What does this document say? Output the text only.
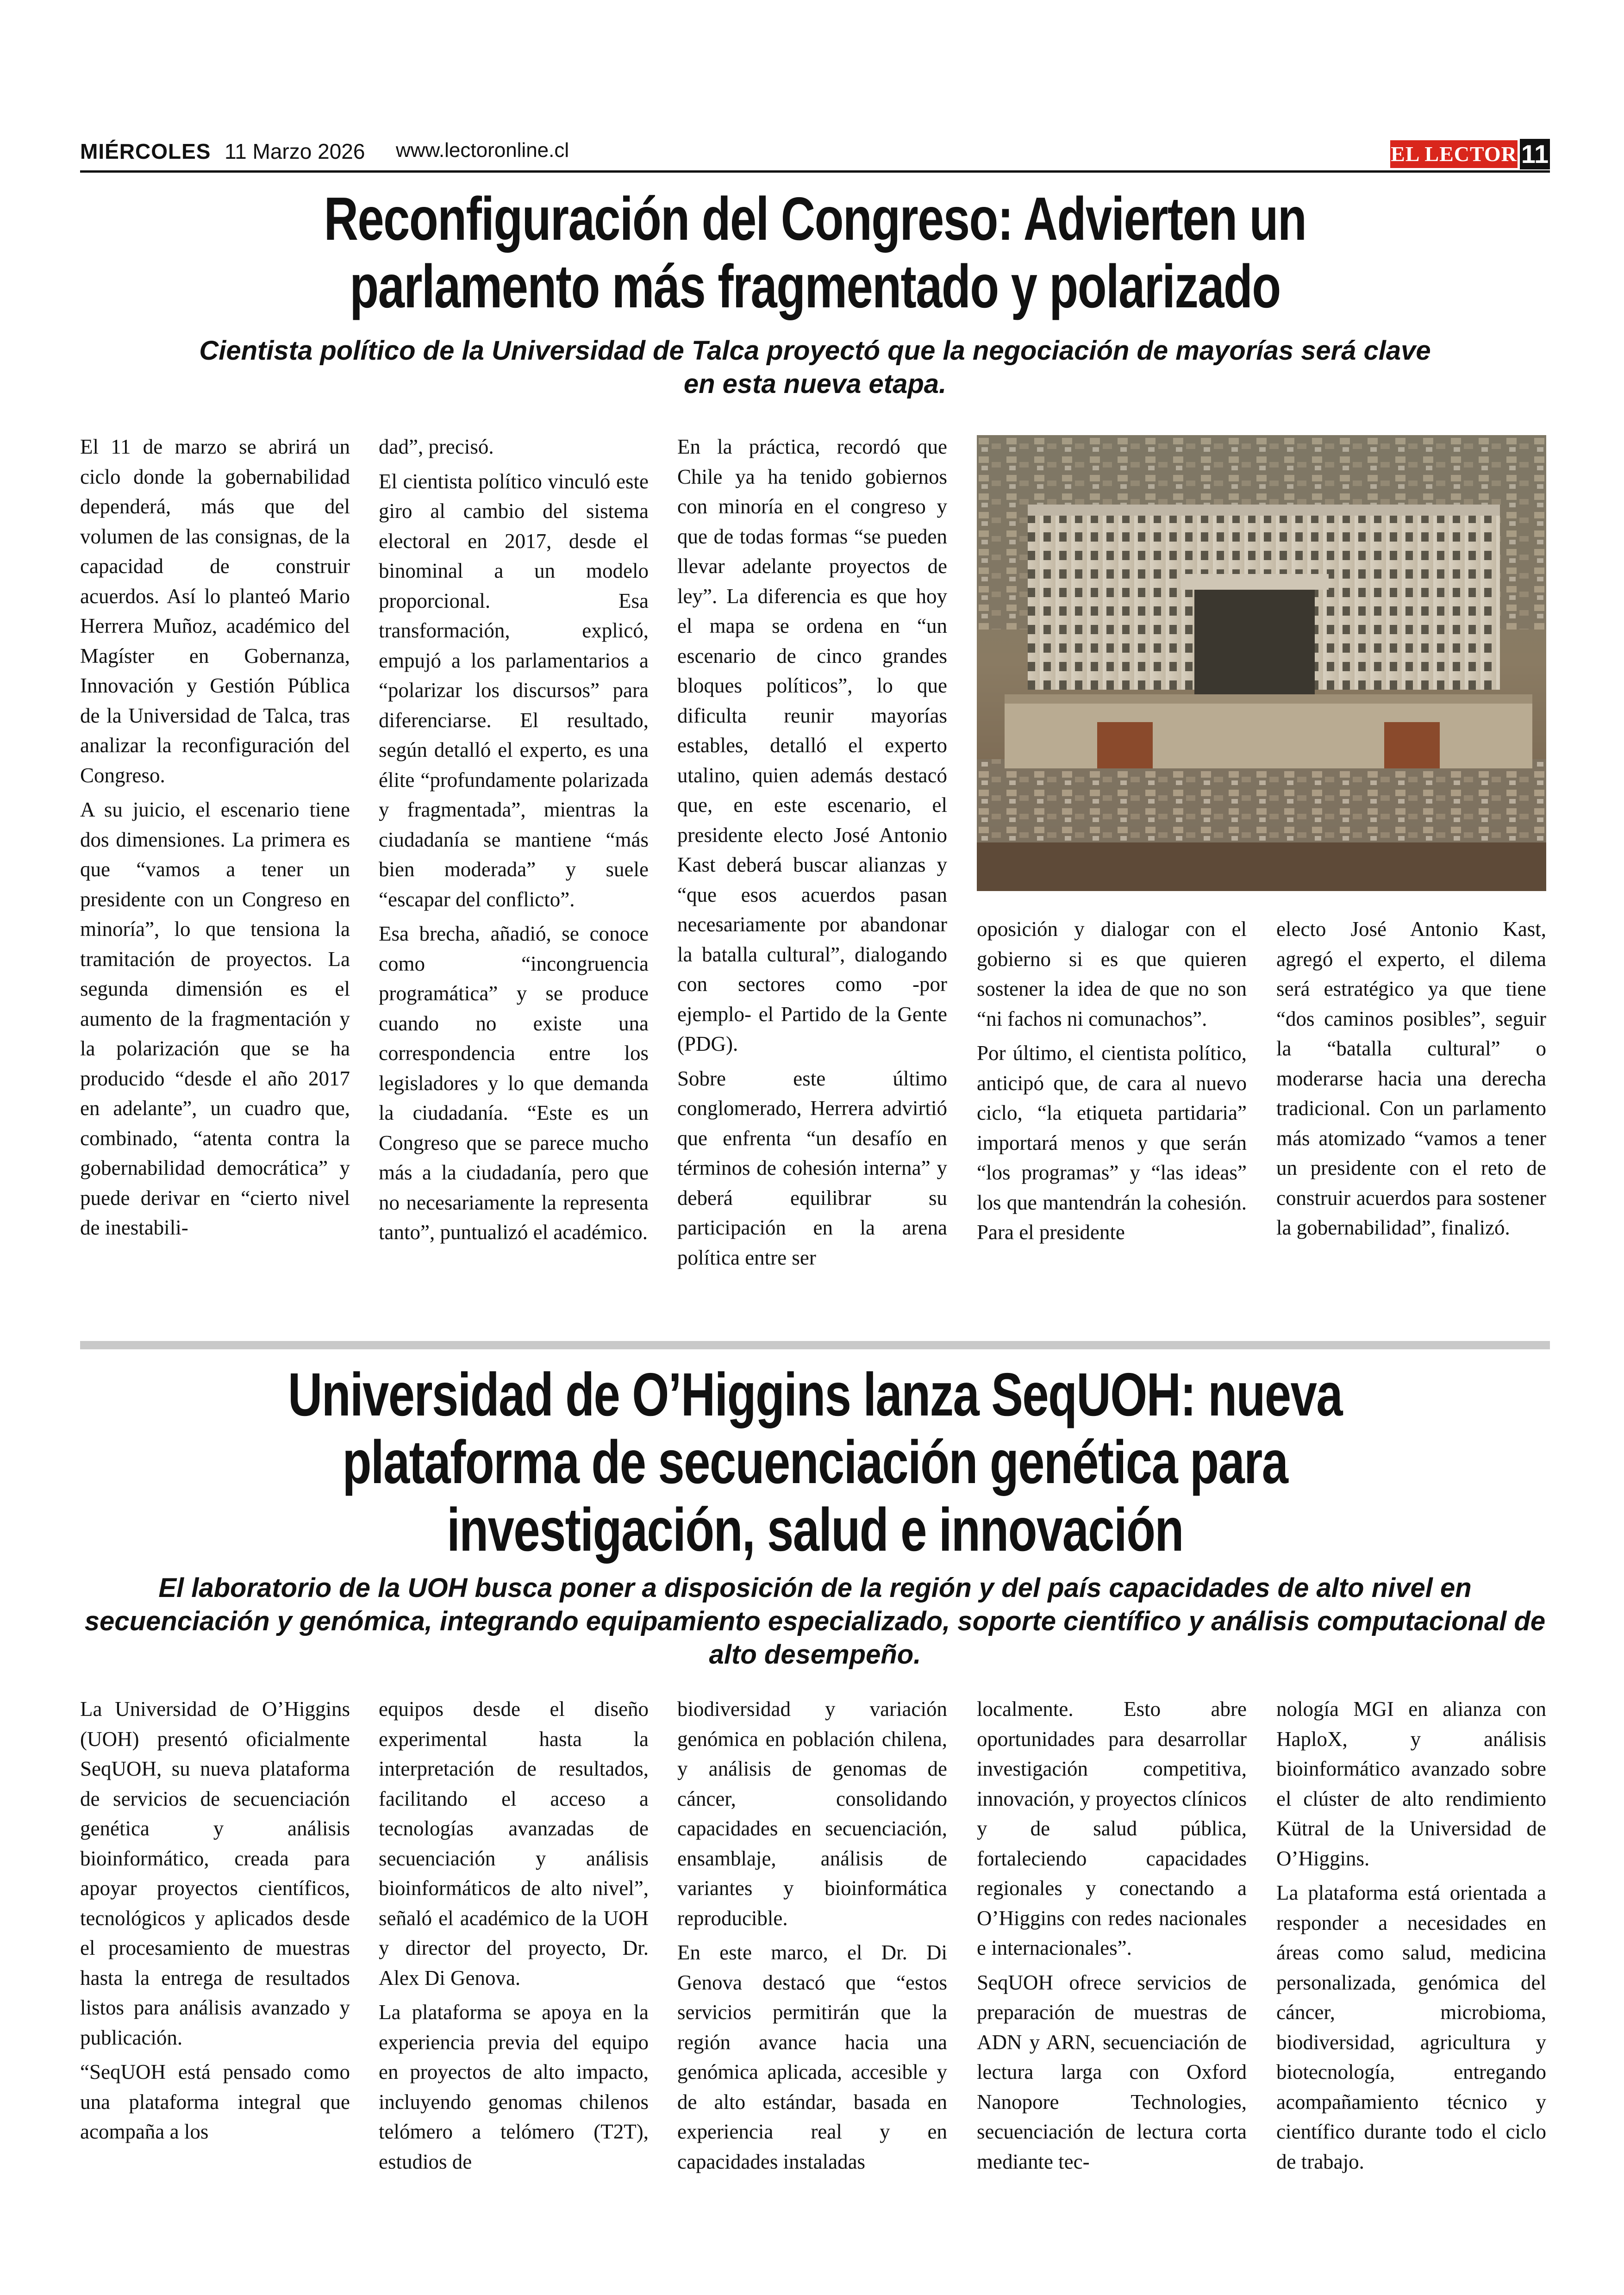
MIÉRCOLES 11 Marzo 2026 www.lectoronline.cl	EL LECTOR 11
Reconfiguración del Congreso: Advierten un parlamento más fragmentado y polarizado
Cientista político de la Universidad de Talca proyectó que la negociación de mayorías será clave en esta nueva etapa.

El 11 de marzo se abrirá un ciclo donde la gobernabilidad dependerá, más que del volumen de las consignas, de la capacidad de construir acuerdos. Así lo planteó Mario Herrera Muñoz, académico del Magíster en Gobernanza, Innovación y Gestión Pública de la Universidad de Talca, tras analizar la reconfiguración del Congreso.

A su juicio, el escenario tiene dos dimensiones. La primera es que “vamos a tener un presidente con un Congreso en minoría”, lo que tensiona la tramitación de proyectos. La segunda dimensión es el aumento de la fragmentación y la polarización que se ha producido “desde el año 2017 en adelante”, un cuadro que, combinado, “atenta contra la gobernabilidad democrática” y puede derivar en “cierto nivel de inestabili-

dad”, precisó.

El cientista político vinculó este giro al cambio del sistema electoral en 2017, desde el binominal a un modelo proporcional. Esa transformación, explicó, empujó a los parlamentarios a “polarizar los discursos” para diferenciarse. El resultado, según detalló el experto, es una élite “profundamente polarizada y fragmentada”, mientras la ciudadanía se mantiene “más bien moderada” y suele “escapar del conflicto”.

Esa brecha, añadió, se conoce como “incongruencia programática” y se produce cuando no existe una correspondencia entre los legisladores y lo que demanda la ciudadanía. “Este es un Congreso que se parece mucho más a la ciudadanía, pero que no necesariamente la representa tanto”, puntualizó el académico.

En la práctica, recordó que Chile ya ha tenido gobiernos con minoría en el congreso y que de todas formas “se pueden llevar adelante proyectos de ley”. La diferencia es que hoy el mapa se ordena en “un escenario de cinco grandes bloques políticos”, lo que dificulta reunir mayorías estables, detalló el experto utalino, quien además destacó que, en este escenario, el presidente electo José Antonio Kast deberá buscar alianzas y “que esos acuerdos pasan necesariamente por abandonar la batalla cultural”, dialogando con sectores como -por ejemplo- el Partido de la Gente (PDG).

Sobre este último conglomerado, Herrera advirtió que enfrenta “un desafío en términos de cohesión interna” y deberá equilibrar su participación en la arena política entre ser

oposición y dialogar con el gobierno si es que quieren sostener la idea de que no son “ni fachos ni comunachos”.

Por último, el cientista político, anticipó que, de cara al nuevo ciclo, “la etiqueta partidaria” importará menos y que serán “los programas” y “las ideas” los que mantendrán la cohesión. Para el presidente

electo José Antonio Kast, agregó el experto, el dilema será estratégico ya que tiene “dos caminos posibles”, seguir la “batalla cultural” o moderarse hacia una derecha tradicional. Con un parlamento más atomizado “vamos a tener un presidente con el reto de construir acuerdos para sostener la gobernabilidad”, finalizó.

Universidad de O’Higgins lanza SeqUOH: nueva plataforma de secuenciación genética para investigación, salud e innovación
El laboratorio de la UOH busca poner a disposición de la región y del país capacidades de alto nivel en secuenciación y genómica, integrando equipamiento especializado, soporte científico y análisis computacional de alto desempeño.

La Universidad de O’Higgins (UOH) presentó oficialmente SeqUOH, su nueva plataforma de servicios de secuenciación genética y análisis bioinformático, creada para apoyar proyectos científicos, tecnológicos y aplicados desde el procesamiento de muestras hasta la entrega de resultados listos para análisis avanzado y publicación.

“SeqUOH está pensado como una plataforma integral que acompaña a los

equipos desde el diseño experimental hasta la interpretación de resultados, facilitando el acceso a tecnologías avanzadas de secuenciación y análisis bioinformáticos de alto nivel”, señaló el académico de la UOH y director del proyecto, Dr. Alex Di Genova.

La plataforma se apoya en la experiencia previa del equipo en proyectos de alto impacto, incluyendo genomas chilenos telómero a telómero (T2T), estudios de

biodiversidad y variación genómica en población chilena, y análisis de genomas de cáncer, consolidando capacidades en secuenciación, ensamblaje, análisis de variantes y bioinformática reproducible.

En este marco, el Dr. Di Genova destacó que “estos servicios permitirán que la región avance hacia una genómica aplicada, accesible y de alto estándar, basada en experiencia real y en capacidades instaladas

localmente. Esto abre oportunidades para desarrollar investigación competitiva, innovación, y proyectos clínicos y de salud pública, fortaleciendo capacidades regionales y conectando a O’Higgins con redes nacionales e internacionales”.

SeqUOH ofrece servicios de preparación de muestras de ADN y ARN, secuenciación de lectura larga con Oxford Nanopore Technologies, secuenciación de lectura corta mediante tec-

nología MGI en alianza con HaploX, y análisis bioinformático avanzado sobre el clúster de alto rendimiento Kütral de la Universidad de O’Higgins.

La plataforma está orientada a responder a necesidades en áreas como salud, medicina personalizada, genómica del cáncer, microbioma, biodiversidad, agricultura y biotecnología, entregando acompañamiento técnico y científico durante todo el ciclo de trabajo.
